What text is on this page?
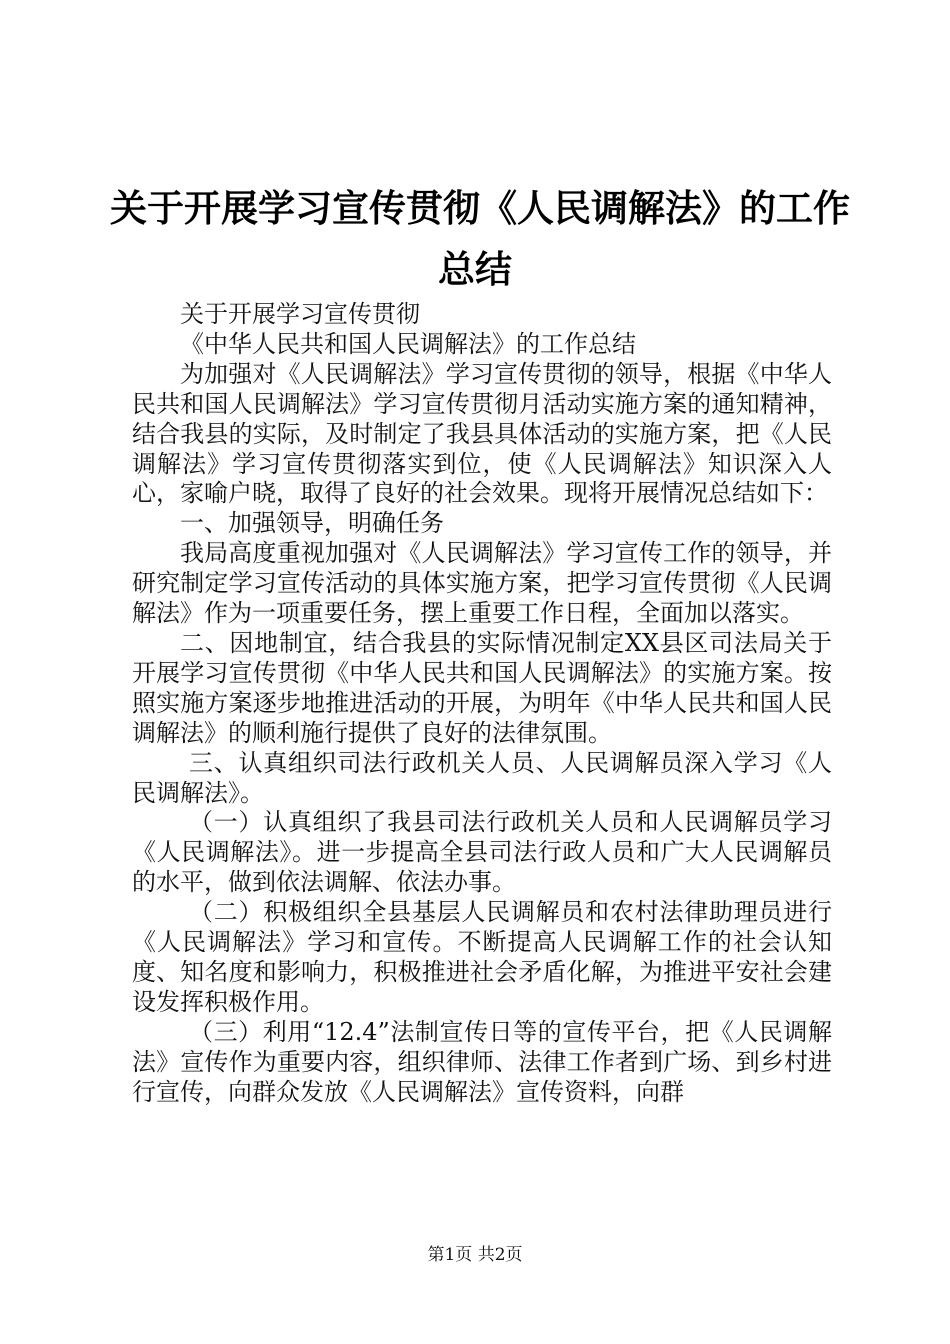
关于开展学习宣传贯彻《人民调解法》的工作
总结

关于开展学习宣传贯彻

《中华人民共和国人民调解法》的工作总结

为加强对《人民调解法》学习宣传贯彻的领导，根据《中华人民共和国人民调解法》学习宣传贯彻月活动实施方案的通知精神，结合我县的实际，及时制定了我县具体活动的实施方案，把《人民调解法》学习宣传贯彻落实到位，使《人民调解法》知识深入人心，家喻户晓，取得了良好的社会效果。现将开展情况总结如下：

一、加强领导，明确任务

我局高度重视加强对《人民调解法》学习宣传工作的领导，并研究制定学习宣传活动的具体实施方案，把学习宣传贯彻《人民调解法》作为一项重要任务，摆上重要工作日程，全面加以落实。

二、因地制宜，结合我县的实际情况制定XX县区司法局关于开展学习宣传贯彻《中华人民共和国人民调解法》的实施方案。按照实施方案逐步地推进活动的开展，为明年《中华人民共和国人民调解法》的顺利施行提供了良好的法律氛围。

三、认真组织司法行政机关人员、人民调解员深入学习《人民调解法》。

（一）认真组织了我县司法行政机关人员和人民调解员学习《人民调解法》。进一步提高全县司法行政人员和广大人民调解员的水平，做到依法调解、依法办事。

（二）积极组织全县基层人民调解员和农村法律助理员进行《人民调解法》学习和宣传。不断提高人民调解工作的社会认知度、知名度和影响力，积极推进社会矛盾化解，为推进平安社会建设发挥积极作用。

（三）利用“12.4”法制宣传日等的宣传平台，把《人民调解法》宣传作为重要内容，组织律师、法律工作者到广场、到乡村进行宣传，向群众发放《人民调解法》宣传资料，向群

第1页 共2页
